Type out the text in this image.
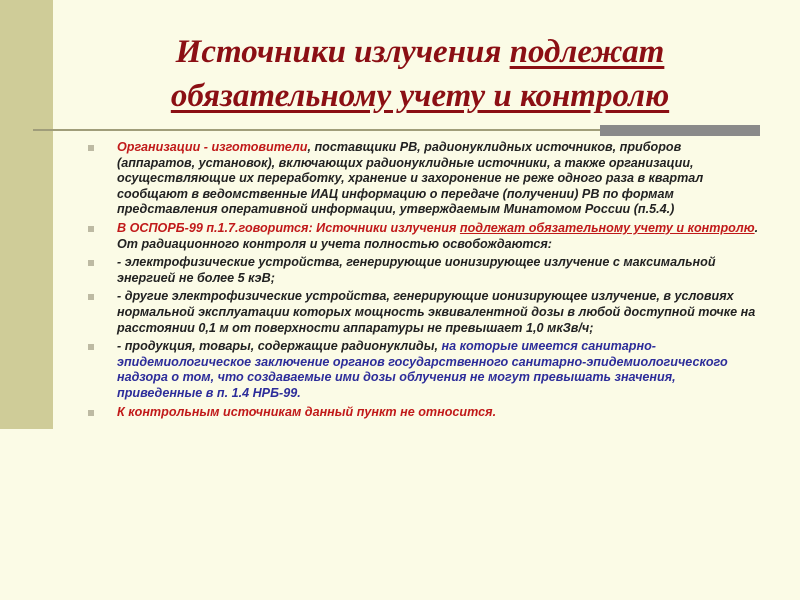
Источники излучения подлежат обязательному учету и контролю
Организации - изготовители, поставщики РВ, радионуклидных источников, приборов (аппаратов, установок), включающих радионуклидные источники, а также организации, осуществляющие их переработку, хранение и захоронение не реже одного раза в квартал сообщают в ведомственные ИАЦ информацию о передаче (получении) РВ по формам представления оперативной информации, утверждаемым Минатомом России (п.5.4.)
В ОСПОРБ-99 п.1.7.говорится: Источники излучения подлежат обязательному учету и контролю. От радиационного контроля и учета полностью освобождаются:
- электрофизические устройства, генерирующие ионизирующее излучение с максимальной энергией не более 5 кэВ;
- другие электрофизические устройства, генерирующие ионизирующее излучение, в условиях нормальной эксплуатации которых мощность эквивалентной дозы в любой доступной точке на расстоянии 0,1 м от поверхности аппаратуры не превышает 1,0 мкЗв/ч;
- продукция, товары, содержащие радионуклиды, на которые имеется санитарно-эпидемиологическое заключение органов государственного санитарно-эпидемиологического надзора о том, что создаваемые ими дозы облучения не могут превышать значения, приведенные в п. 1.4 НРБ-99.
К контрольным источникам данный пункт не относится.
